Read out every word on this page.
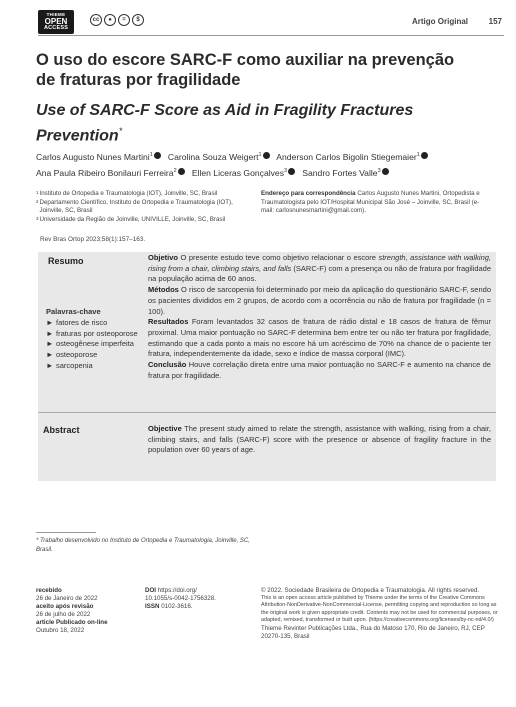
THIEME
OPEN
ACCESS
cc	●	=	$	Artigo Original	157
O uso do escore SARC-F como auxiliar na prevenção de fraturas por fragilidade
Use of SARC-F Score as Aid in Fragility Fractures Prevention*
Carlos Augusto Nunes Martini$^1$ Carolina Souza Weigert$^1$ Anderson Carlos Bigolin Stiegemaier$^1$
Ana Paula Ribeiro Bonilauri Ferreira$^2$ Ellen Liceras Gonçalves$^3$ Sandro Fortes Valle$^3$
1 Instituto de Ortopedia e Traumatologia (IOT), Joinville, SC, Brasil
2 Departamento Científico, Instituto de Ortopedia e Traumatologia (IOT), Joinville, SC, Brasil
3 Universidade da Região de Joinville, UNIVILLE, Joinville, SC, Brasil
Endereço para correspondência Carlos Augusto Nunes Martini, Ortopedista e Traumatologista pelo IOT/Hospital Municipal São José – Joinville, SC, Brasil (e-mail: carlosnunesmartini@gmail.com).
Rev Bras Ortop 2023;58(1):157–163.
Resumo
Palavras-chave
► fatores de risco
► fraturas por osteoporose
► osteogênese imperfeita
► osteoporose
► sarcopenia
Objetivo O presente estudo teve como objetivo relacionar o escore strength, assistance with walking, rising from a chair, climbing stairs, and falls (SARC-F) com a presença ou não de fratura por fragilidade na população acima de 60 anos.
Métodos O risco de sarcopenia foi determinado por meio da aplicação do questionário SARC-F, sendo os pacientes divididos em 2 grupos, de acordo com a ocorrência ou não de fratura por fragilidade (n = 100).
Resultados Foram levantados 32 casos de fratura de rádio distal e 18 casos de fratura de fêmur proximal. Uma maior pontuação no SARC-F determina bem entre ter ou não ter fratura por fragilidade, estimando que a cada ponto a mais no escore há um acréscimo de 70% na chance de o paciente ter fratura, independentemente da idade, sexo e índice de massa corporal (IMC).
Conclusão Houve correlação direta entre uma maior pontuação no SARC-F e aumento na chance de fratura por fragilidade.
Abstract	Objective The present study aimed to relate the strength, assistance with walking, rising from a chair, climbing stairs, and falls (SARC-F) score with the presence or absence of fragility fracture in the population over 60 years of age.
* Trabalho desenvolvido no Instituto de Ortopedia e Traumatologia, Joinville, SC, Brasil.
recebido
26 de Janeiro de 2022
aceito após revisão
26 de julho de 2022
article Publicado on-line
Outubro 18, 2022
DOI https://doi.org/
10.1055/s-0042-1756328.
ISSN 0102-3616.
© 2022. Sociedade Brasileira de Ortopedia e Traumatologia. All rights reserved.
This is an open access article published by Thieme under the terms of the Creative Commons Attribution-NonDerivative-NonCommercial-License, permitting copying and reproduction so long as the original work is given appropriate credit. Contents may not be used for commercial purposes, or adapted, remixed, transformed or built upon. (https://creativecommons.org/licenses/by-nc-nd/4.0/)
Thieme Revinter Publicações Ltda., Rua do Matoso 170, Rio de Janeiro, RJ, CEP 20270-135, Brasil
